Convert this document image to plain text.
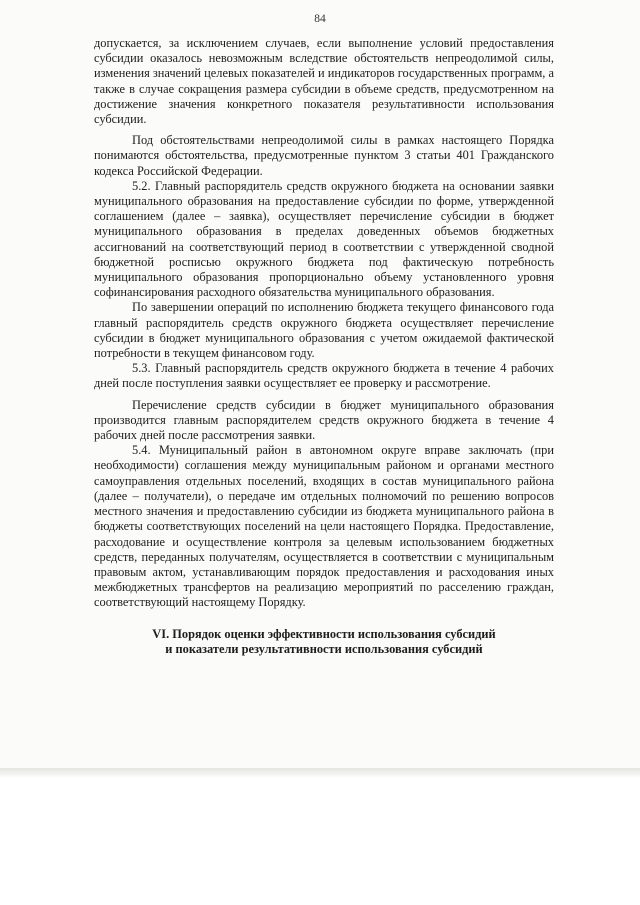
84

допускается, за исключением случаев, если выполнение условий предоставления субсидии оказалось невозможным вследствие обстоятельств непреодолимой силы, изменения значений целевых показателей и индикаторов государственных программ, а также в случае сокращения размера субсидии в объеме средств, предусмотренном на достижение значения конкретного показателя результативности использования субсидии.

Под обстоятельствами непреодолимой силы в рамках настоящего Порядка понимаются обстоятельства, предусмотренные пунктом 3 статьи 401 Гражданского кодекса Российской Федерации.

5.2. Главный распорядитель средств окружного бюджета на основании заявки муниципального образования на предоставление субсидии по форме, утвержденной соглашением (далее – заявка), осуществляет перечисление субсидии в бюджет муниципального образования в пределах доведенных объемов бюджетных ассигнований на соответствующий период в соответствии с утвержденной сводной бюджетной росписью окружного бюджета под фактическую потребность муниципального образования пропорционально объему установленного уровня софинансирования расходного обязательства муниципального образования.

По завершении операций по исполнению бюджета текущего финансового года главный распорядитель средств окружного бюджета осуществляет перечисление субсидии в бюджет муниципального образования с учетом ожидаемой фактической потребности в текущем финансовом году.

5.3. Главный распорядитель средств окружного бюджета в течение 4 рабочих дней после поступления заявки осуществляет ее проверку и рассмотрение.

Перечисление средств субсидии в бюджет муниципального образования производится главным распорядителем средств окружного бюджета в течение 4 рабочих дней после рассмотрения заявки.

5.4. Муниципальный район в автономном округе вправе заключать (при необходимости) соглашения между муниципальным районом и органами местного самоуправления отдельных поселений, входящих в состав муниципального района (далее – получатели), о передаче им отдельных полномочий по решению вопросов местного значения и предоставлению субсидии из бюджета муниципального района в бюджеты соответствующих поселений на цели настоящего Порядка. Предоставление, расходование и осуществление контроля за целевым использованием бюджетных средств, переданных получателям, осуществляется в соответствии с муниципальным правовым актом, устанавливающим порядок предоставления и расходования иных межбюджетных трансфертов на реализацию мероприятий по расселению граждан, соответствующий настоящему Порядку.

VI. Порядок оценки эффективности использования субсидий
и показатели результативности использования субсидий
